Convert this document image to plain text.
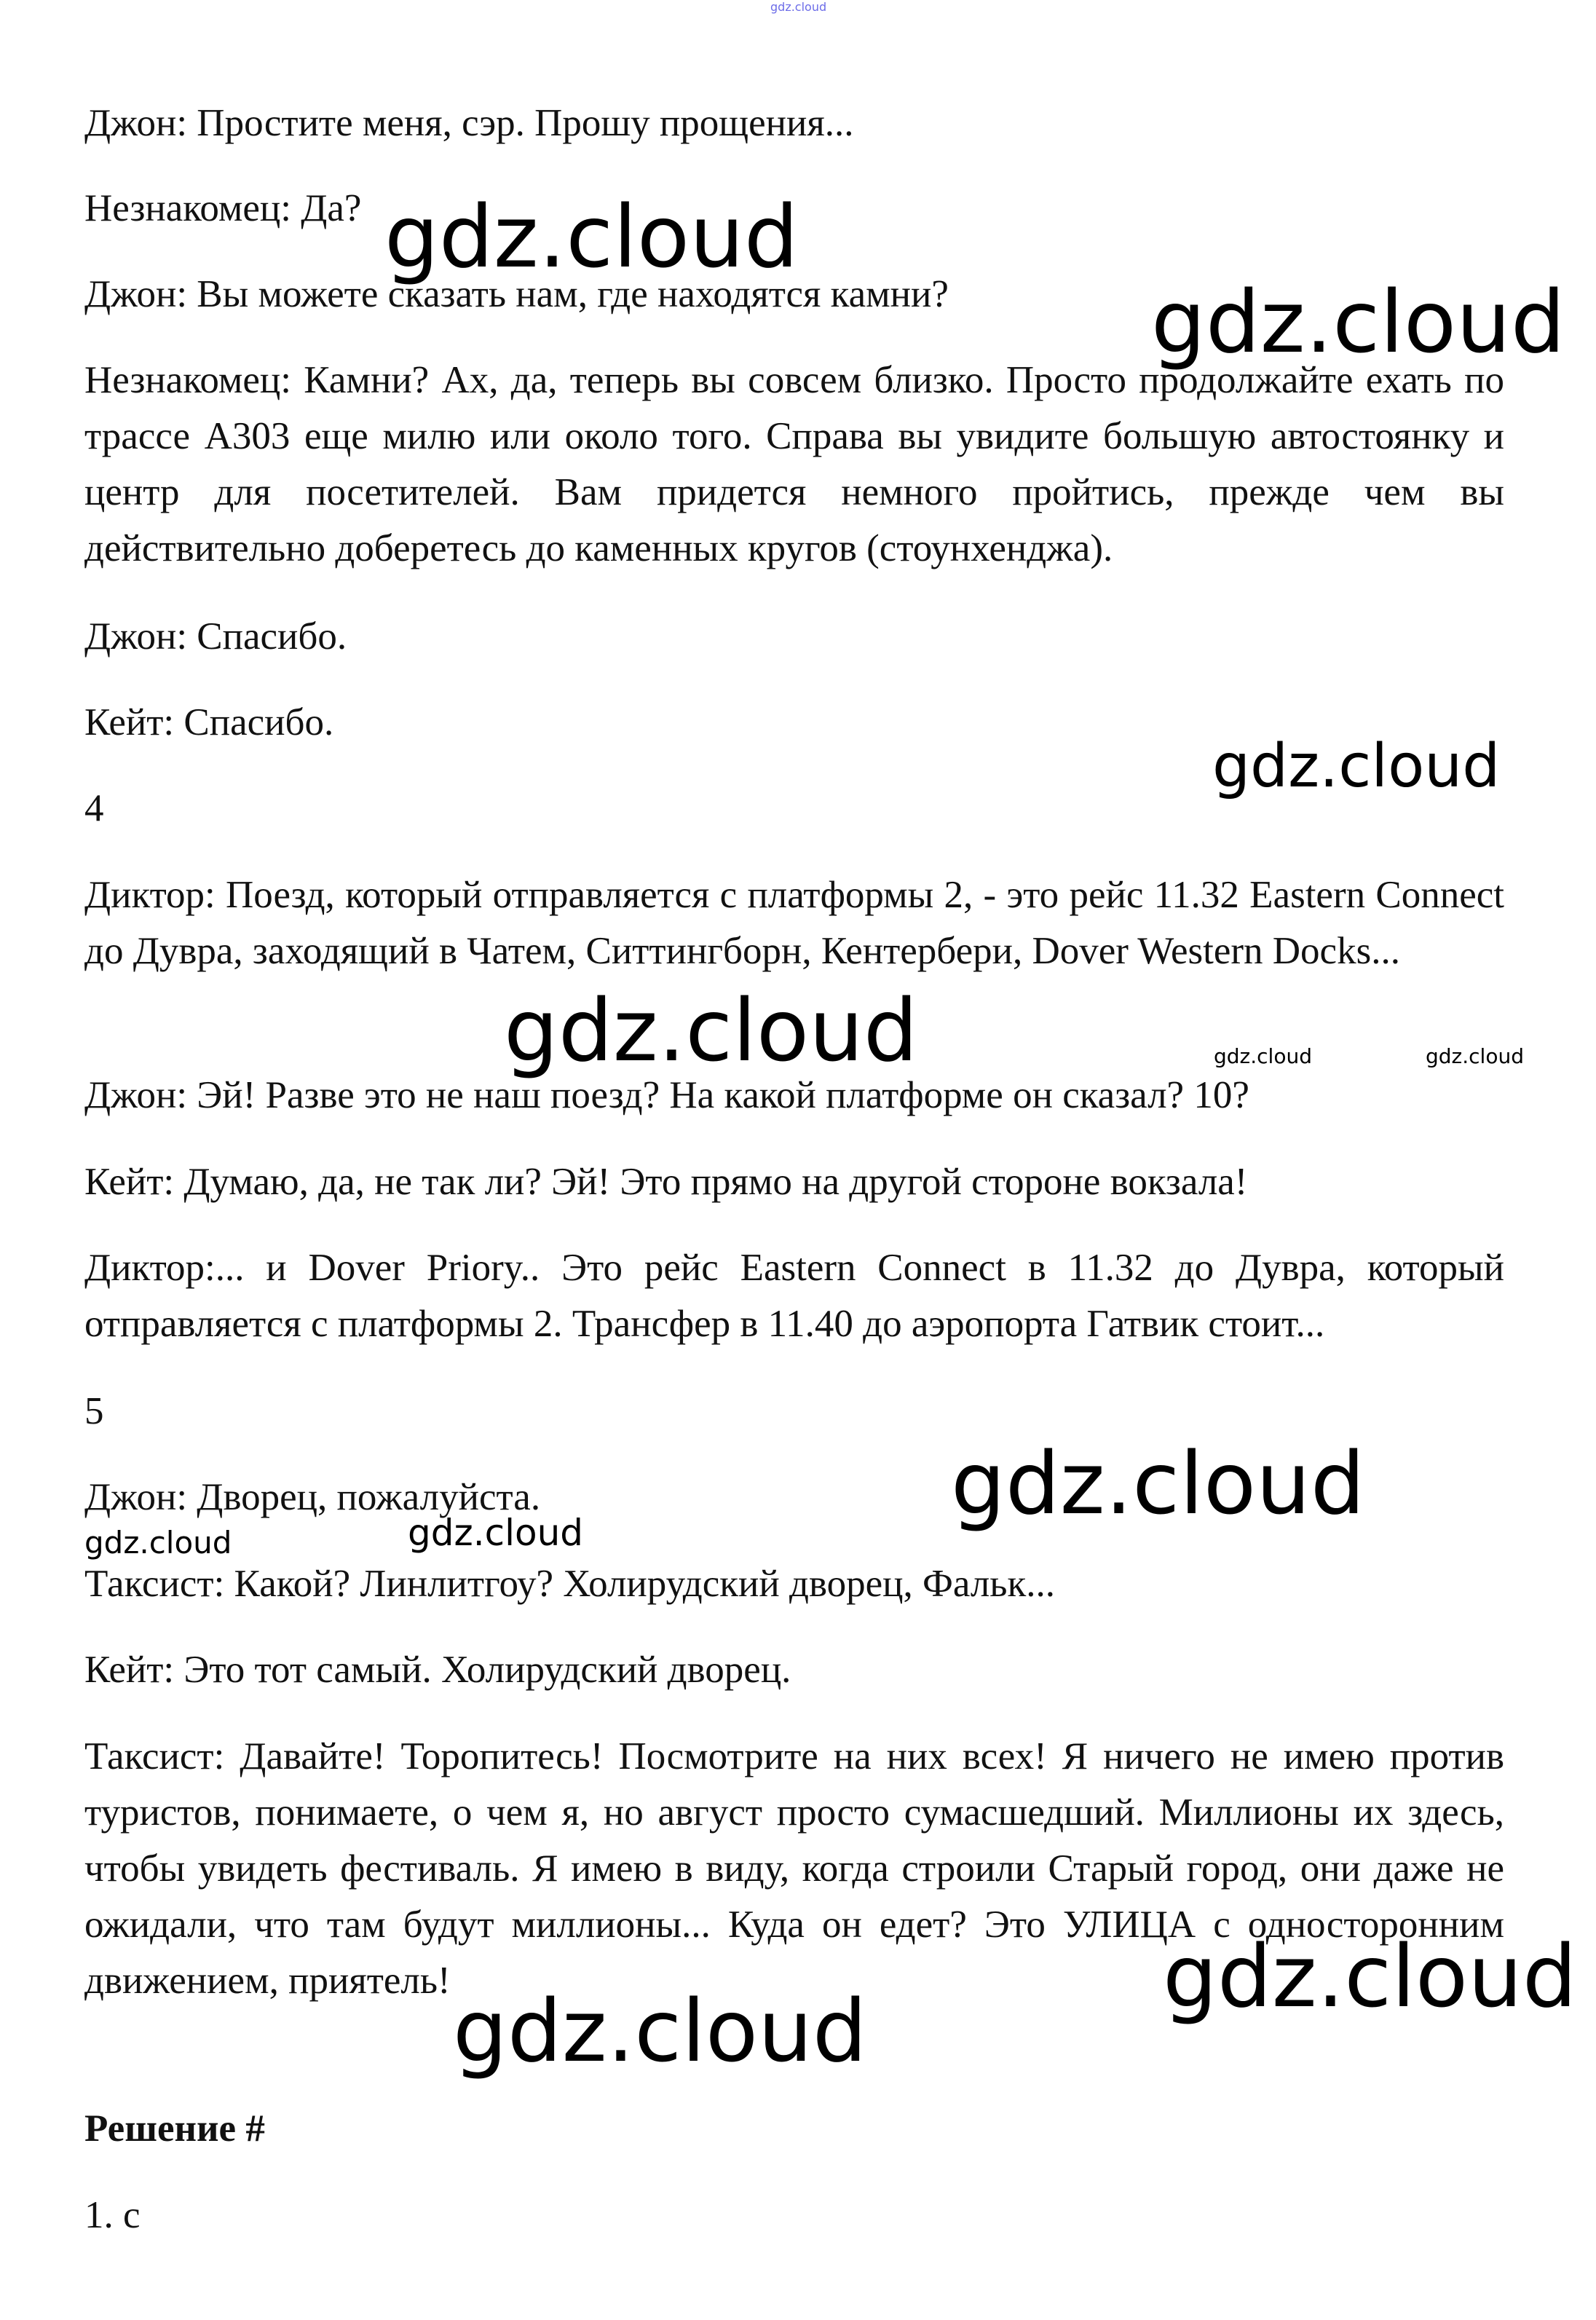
gdz.cloud

Джон: Простите меня, сэр. Прошу прощения...

Незнакомец: Да?

Джон: Вы можете сказать нам, где находятся камни?

Незнакомец: Камни? Ах, да, теперь вы совсем близко. Просто продолжайте ехать по трассе А303 еще милю или около того. Справа вы увидите большую автостоянку и центр для посетителей. Вам придется немного пройтись, прежде чем вы действительно доберетесь до каменных кругов (стоунхенджа).

Джон: Спасибо.

Кейт: Спасибо.

4

Диктор: Поезд, который отправляется с платформы 2, - это рейс 11.32 Eastern Connect до Дувра, заходящий в Чатем, Ситтингборн, Кентербери, Dover Western Docks...

Джон: Эй! Разве это не наш поезд? На какой платформе он сказал? 10?

Кейт: Думаю, да, не так ли? Эй! Это прямо на другой стороне вокзала!

Диктор:... и Dover Priory.. Это рейс Eastern Connect в 11.32 до Дувра, который отправляется с платформы 2. Трансфер в 11.40 до аэропорта Гатвик стоит...

5

Джон: Дворец, пожалуйста.

Таксист: Какой? Линлитгоу? Холирудский дворец, Фальк...

Кейт: Это тот самый. Холирудский дворец.

Таксист: Давайте! Торопитесь! Посмотрите на них всех! Я ничего не имею против туристов, понимаете, о чем я, но август просто сумасшедший. Миллионы их здесь, чтобы увидеть фестиваль. Я имею в виду, когда строили Старый город, они даже не ожидали, что там будут миллионы... Куда он едет? Это УЛИЦА с односторонним движением, приятель!

Решение #

1. c

gdz.cloud
gdz.cloud
gdz.cloud
gdz.cloud	gdz.cloud	gdz.cloud
gdz.cloud
gdz.cloud
gdz.cloud
gdz.cloud
gdz.cloud
